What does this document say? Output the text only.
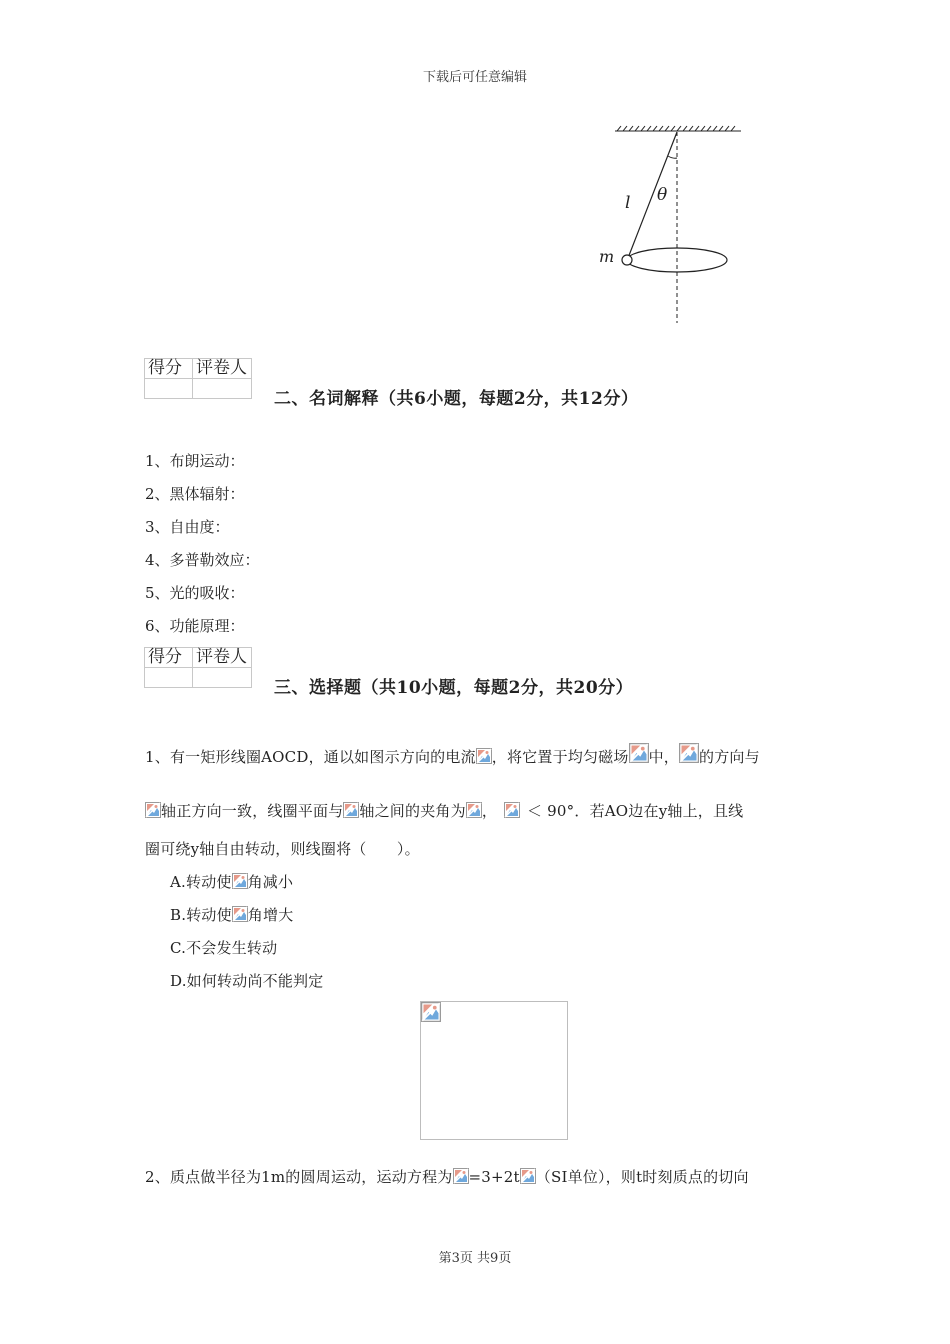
下载后可任意编辑
l θ
m
得分	评卷人

二、名词解释（共6小题，每题2分，共12分）
1、布朗运动：
2、黑体辐射：
3、自由度：
4、多普勒效应：
5、光的吸收：
6、功能原理：
得分	评卷人

三、选择题（共10小题，每题2分，共20分）
1、有一矩形线圈AOCD，通以如图示方向的电流 ，将它置于均匀磁场 中， 的方向与
轴正方向一致，线圈平面与 轴之间的夹角为 ， ＜ 90°．若AO边在y轴上，且线
圈可绕y轴自由转动，则线圈将（　　）。
A.转动使 角减小
B.转动使 角增大
C.不会发生转动
D.如何转动尚不能判定
2、质点做半径为1m的圆周运动，运动方程为 =3+2t （SI单位），则t时刻质点的切向
第3页 共9页
